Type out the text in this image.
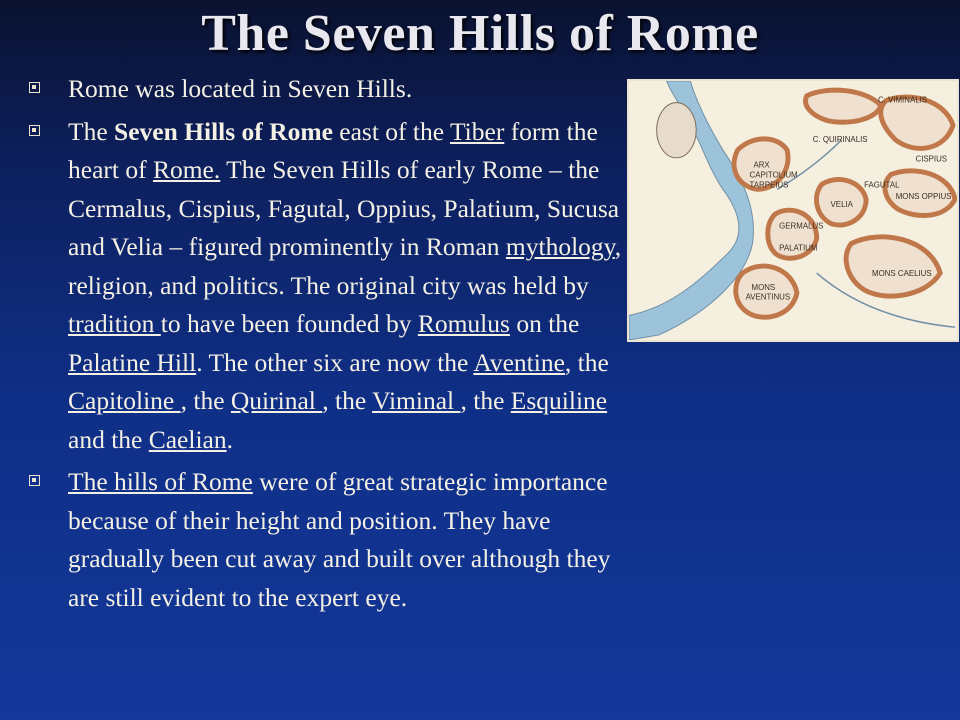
The Seven Hills of Rome
Rome was located in Seven Hills.
The Seven Hills of Rome east of the Tiber form the heart of Rome. The Seven Hills of early Rome – the Cermalus, Cispius, Fagutal, Oppius, Palatium, Sucusa and Velia – figured prominently in Roman mythology, religion, and politics. The original city was held by tradition to have been founded by Romulus on the Palatine Hill. The other six are now the Aventine, the Capitoline , the Quirinal , the Viminal , the Esquiline and the Caelian.
The hills of Rome were of great strategic importance because of their height and position. They have gradually been cut away and built over although they are still evident to the expert eye.
C. VIMINALIS
C. QUIRINALIS
CISPIUS
ARX
CAPITOLIUM
TARPEIUS	FAGUTAL
MONS OPPIUS
VELIA
GERMALUS
PALATIUM
MONS CAELIUS
MONS
AVENTINUS
